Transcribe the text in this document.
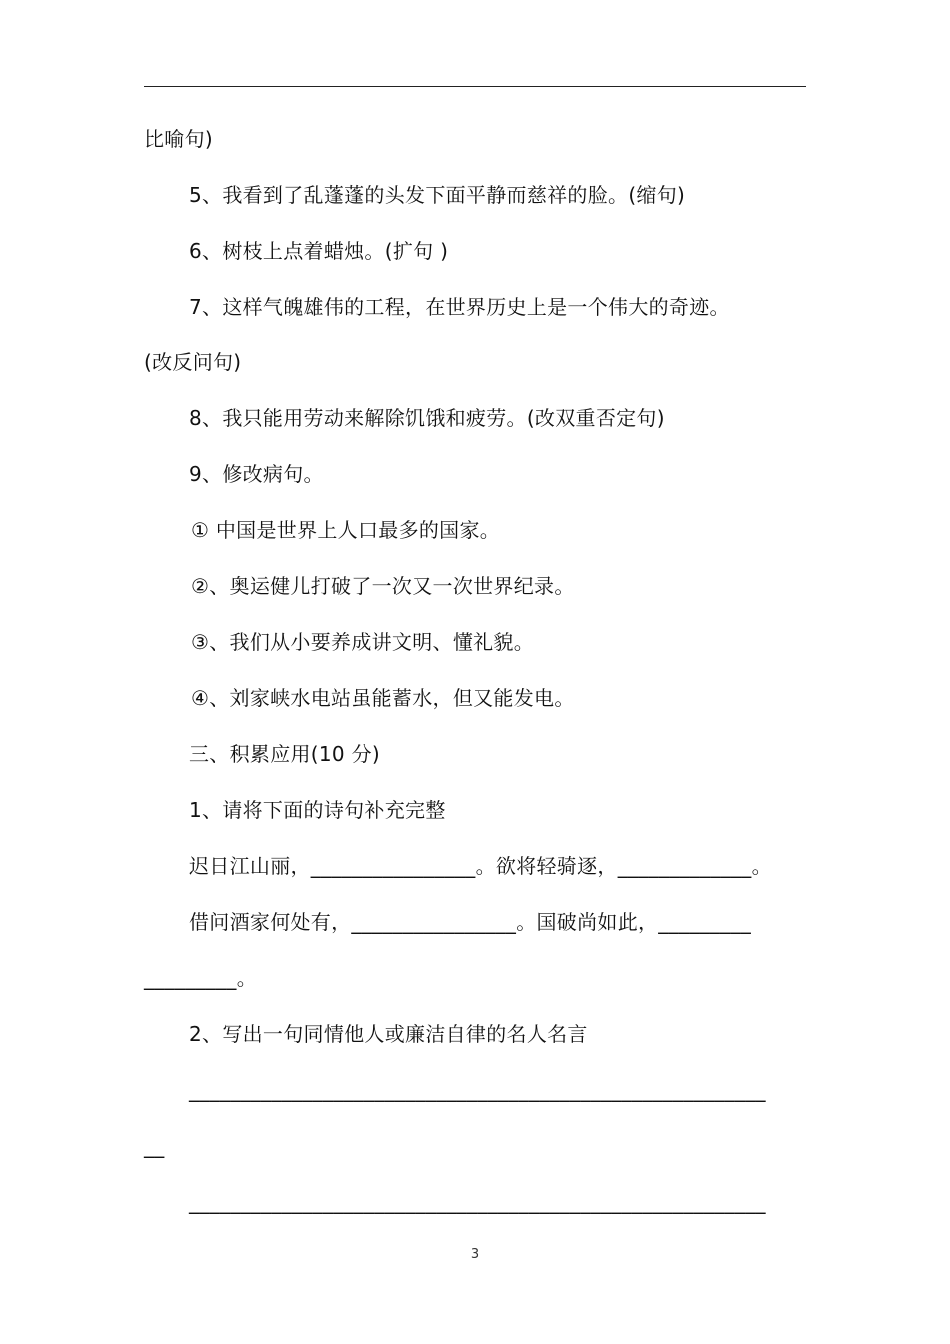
比喻句)
5、我看到了乱蓬蓬的头发下面平静而慈祥的脸。(缩句)
6、树枝上点着蜡烛。(扩句 )
7、这样气魄雄伟的工程，在世界历史上是一个伟大的奇迹。
(改反问句)
8、我只能用劳动来解除饥饿和疲劳。(改双重否定句)
9、修改病句。
① 中国是世界上人口最多的国家。
②、奥运健儿打破了一次又一次世界纪录。
③、我们从小要养成讲文明、懂礼貌。
④、刘家峡水电站虽能蓄水，但又能发电。
三、积累应用(10 分)
1、请将下面的诗句补充完整
迟日江山丽，________________。欲将轻骑逐，_____________。
借问酒家何处有，________________。国破尚如此，_________
_________。
2、写出一句同情他人或廉洁自律的名人名言
________________________________________________________
__
________________________________________________________
3
